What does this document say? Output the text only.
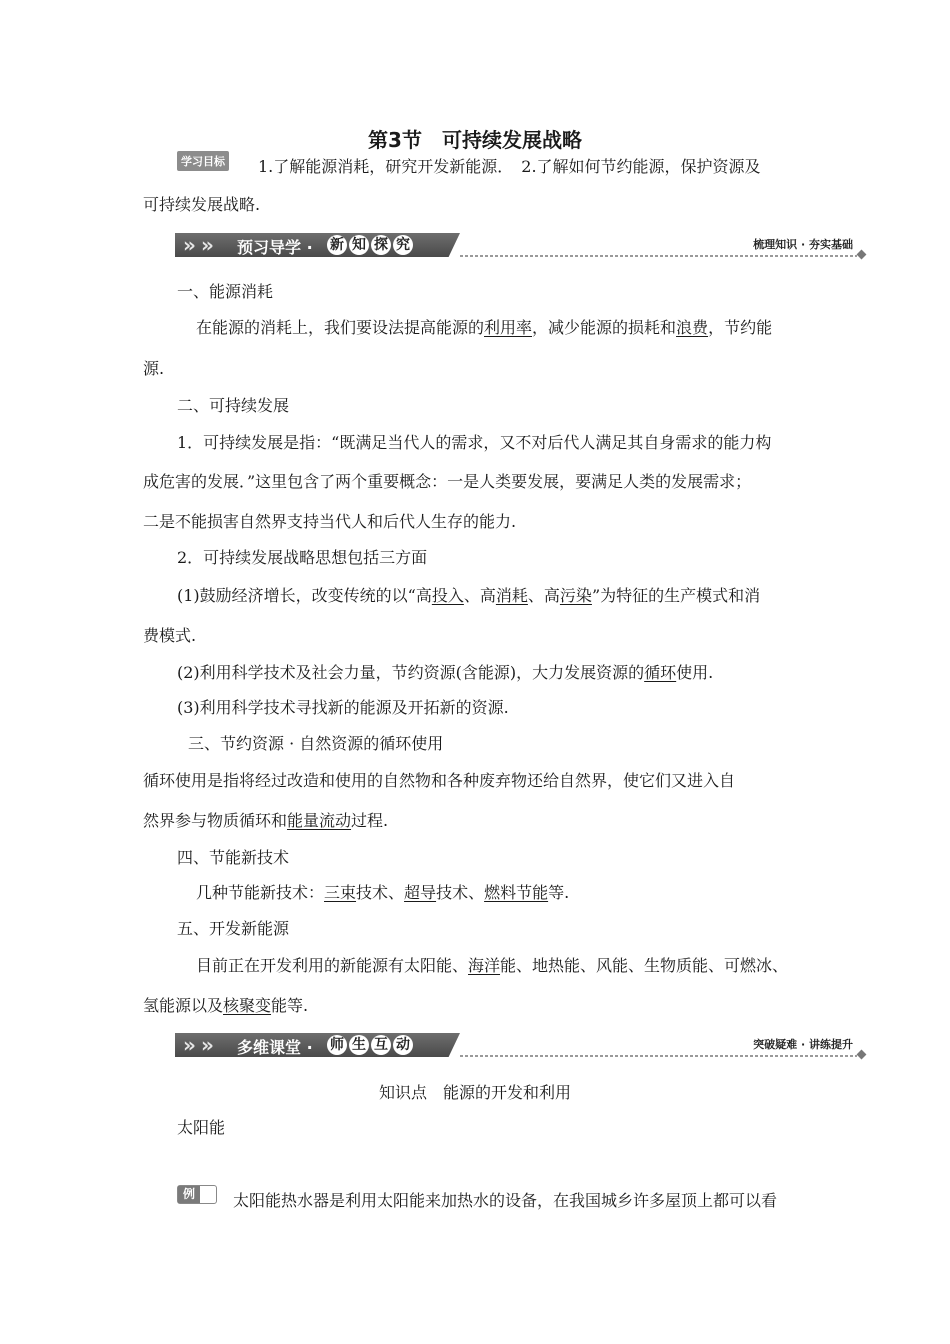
第3节　可持续发展战略
学习目标 1.了解能源消耗，研究开发新能源．　2.了解如何节约能源，保护资源及
可持续发展战略.
» » 预习导学 · 新 知 探 究	梳理知识 · 夯实基础
一、能源消耗
在能源的消耗上，我们要设法提高能源的利用率，减少能源的损耗和浪费，节约能
源.
二、可持续发展
1．可持续发展是指：“既满足当代人的需求，又不对后代人满足其自身需求的能力构
成危害的发展．”这里包含了两个重要概念：一是人类要发展，要满足人类的发展需求；
二是不能损害自然界支持当代人和后代人生存的能力.
2．可持续发展战略思想包括三方面
(1)鼓励经济增长，改变传统的以“高投入、高消耗、高污染”为特征的生产模式和消
费模式.
(2)利用科学技术及社会力量，节约资源(含能源)，大力发展资源的循环使用.
(3)利用科学技术寻找新的能源及开拓新的资源.
三、节约资源 · 自然资源的循环使用
循环使用是指将经过改造和使用的自然物和各种废弃物还给自然界，使它们又进入自
然界参与物质循环和能量流动过程.
四、节能新技术
几种节能新技术：三束技术、超导技术、燃料节能等.
五、开发新能源
目前正在开发利用的新能源有太阳能、海洋能、地热能、风能、生物质能、可燃冰、
氢能源以及核聚变能等.
» » 多维课堂 · 师 生 互 动	突破疑难 · 讲练提升
知识点　能源的开发和利用
太阳能
例	太阳能热水器是利用太阳能来加热水的设备，在我国城乡许多屋顶上都可以看
